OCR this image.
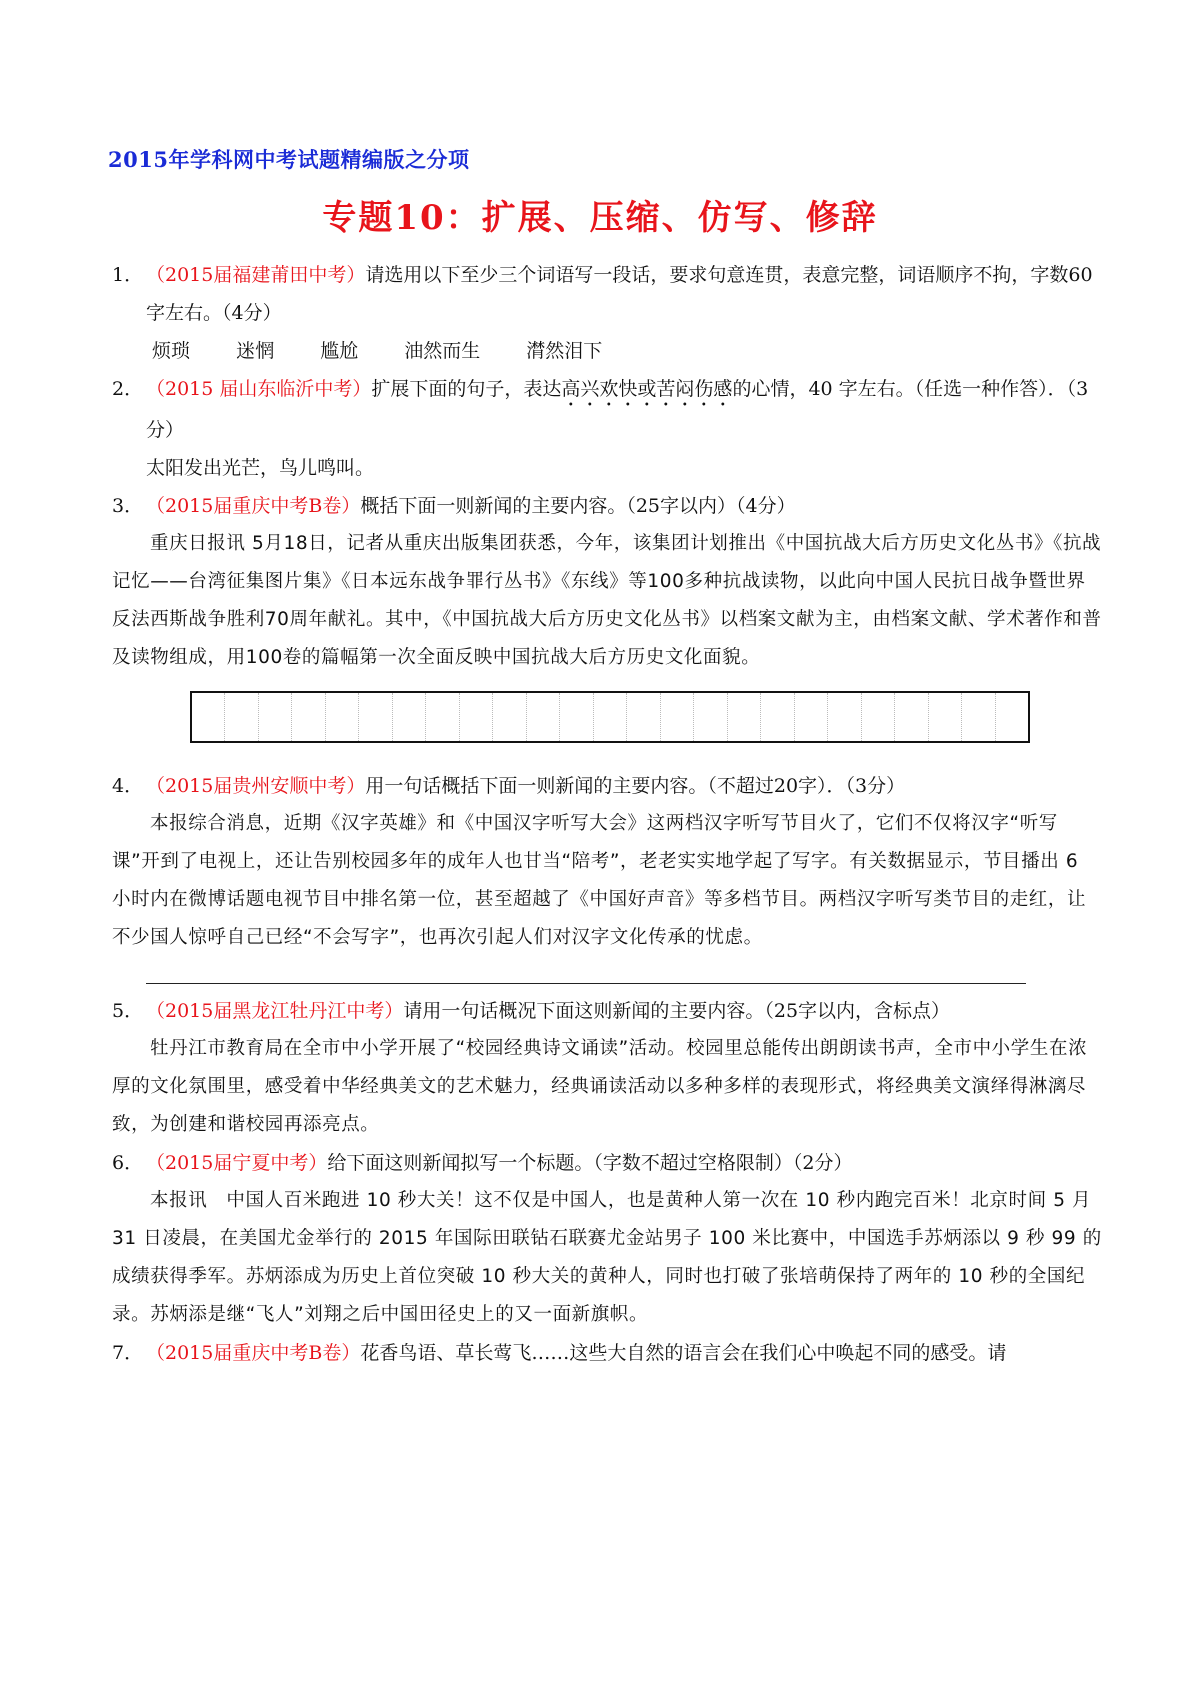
2015年学科网中考试题精编版之分项
专题10：扩展、压缩、仿写、修辞
1． （2015届福建莆田中考）请选用以下至少三个词语写一段话，要求句意连贯，表意完整，词语顺序不拘，字数60字左右。（4分）
烦琐 迷惘 尴尬 油然而生 潸然泪下
2． （2015 届山东临沂中考）扩展下面的句子，表达高兴欢快或苦闷伤感的心情，40 字左右。（任选一种作答）．（3分）
太阳发出光芒，鸟儿鸣叫。
3． （2015届重庆中考B卷）概括下面一则新闻的主要内容。（25字以内）（4分）
重庆日报讯 5月18日，记者从重庆出版集团获悉，今年，该集团计划推出《中国抗战大后方历史文化丛书》《抗战记忆——台湾征集图片集》《日本远东战争罪行丛书》《东线》等100多种抗战读物，以此向中国人民抗日战争暨世界反法西斯战争胜利70周年献礼。其中，《中国抗战大后方历史文化丛书》以档案文献为主，由档案文献、学术著作和普及读物组成，用100卷的篇幅第一次全面反映中国抗战大后方历史文化面貌。
4． （2015届贵州安顺中考）用一句话概括下面一则新闻的主要内容。（不超过20字）．（3分）
本报综合消息，近期《汉字英雄》和《中国汉字听写大会》这两档汉字听写节目火了，它们不仅将汉字“听写课”开到了电视上，还让告别校园多年的成年人也甘当“陪考”，老老实实地学起了写字。有关数据显示，节目播出 6 小时内在微博话题电视节目中排名第一位，甚至超越了《中国好声音》等多档节目。两档汉字听写类节目的走红，让不少国人惊呼自己已经“不会写字”，也再次引起人们对汉字文化传承的忧虑。
5． （2015届黑龙江牡丹江中考）请用一句话概况下面这则新闻的主要内容。（25字以内，含标点）
牡丹江市教育局在全市中小学开展了“校园经典诗文诵读”活动。校园里总能传出朗朗读书声，全市中小学生在浓厚的文化氛围里，感受着中华经典美文的艺术魅力，经典诵读活动以多种多样的表现形式，将经典美文演绎得淋漓尽致，为创建和谐校园再添亮点。
6． （2015届宁夏中考）给下面这则新闻拟写一个标题。（字数不超过空格限制）（2分）
本报讯　中国人百米跑进 10 秒大关！这不仅是中国人，也是黄种人第一次在 10 秒内跑完百米！北京时间 5 月 31 日凌晨，在美国尤金举行的 2015 年国际田联钻石联赛尤金站男子 100 米比赛中，中国选手苏炳添以 9 秒 99 的成绩获得季军。苏炳添成为历史上首位突破 10 秒大关的黄种人，同时也打破了张培萌保持了两年的 10 秒的全国纪录。苏炳添是继“飞人”刘翔之后中国田径史上的又一面新旗帜。
7． （2015届重庆中考B卷）花香鸟语、草长莺飞……这些大自然的语言会在我们心中唤起不同的感受。请
